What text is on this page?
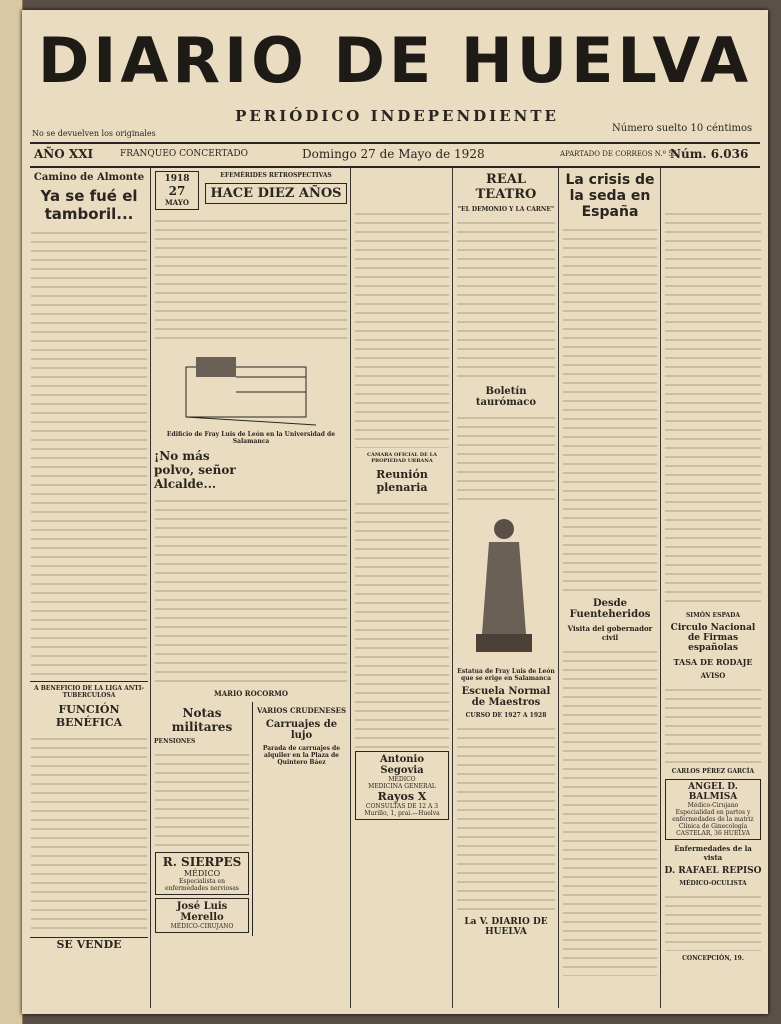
DIARIO DE HUELVA
PERIÓDICO INDEPENDIENTE
No se devuelven los originales	Número suelto 10 céntimos
AÑO XXI	FRANQUEO CONCERTADO	Domingo 27 de Mayo de 1928	APARTADO DE CORREOS N.º 55
Núm. 6.036
Camino de Almonte
Ya se fué el tamboril...
A BENEFICIO DE LA LIGA ANTI-TUBERCULOSA
FUNCIÓN BENÉFICA
SE VENDE
1918
27
MAYO
EFEMÉRIDES RETROSPECTIVAS
HACE DIEZ AÑOS
Edificio de Fray Luis de León en la Universidad de Salamanca
¡No más polvo, señor Alcalde...
MARIO ROCORMO
Notas militares
PENSIONES
R. SIERPES
MÉDICO
Especialista en enfermedades nerviosas
José Luis Merello
MÉDICO-CIRUJANO
VARIOS CRUDENESES
Carruajes de lujo
Parada de carruajes de alquiler en la Plaza de Quintero Báez
CÁMARA OFICIAL DE LA PROPIEDAD URBANA
Reunión plenaria
Antonio Segovia
MÉDICO
MEDICINA GENERAL
Rayos X
CONSULTAS DE 12 A 3
Murillo, 1, prai.—Huelva
REAL TEATRO
"EL DEMONIO Y LA CARNE"
Boletín taurómaco
Estatua de Fray Luis de León que se erige en Salamanca
Escuela Normal de Maestros
CURSO DE 1927 A 1928
La V. DIARIO DE HUELVA
La crisis de la seda en España
Desde Fuenteheridos
Visita del gobernador civil
SIMÓN ESPADA
Circulo Nacional de Firmas españolas
TASA DE RODAJE
AVISO
CARLOS PÉREZ GARCÍA
ANGEL D. BALMISA
Médico-Cirujano
Especialidad en partos y enfermedades de la matriz
Clínica de Ginecología
CASTELAR, 36 HUELVA
Enfermedades de la vista
D. RAFAEL REPISO
MÉDICO-OCULISTA
CONCEPCIÓN, 19.
